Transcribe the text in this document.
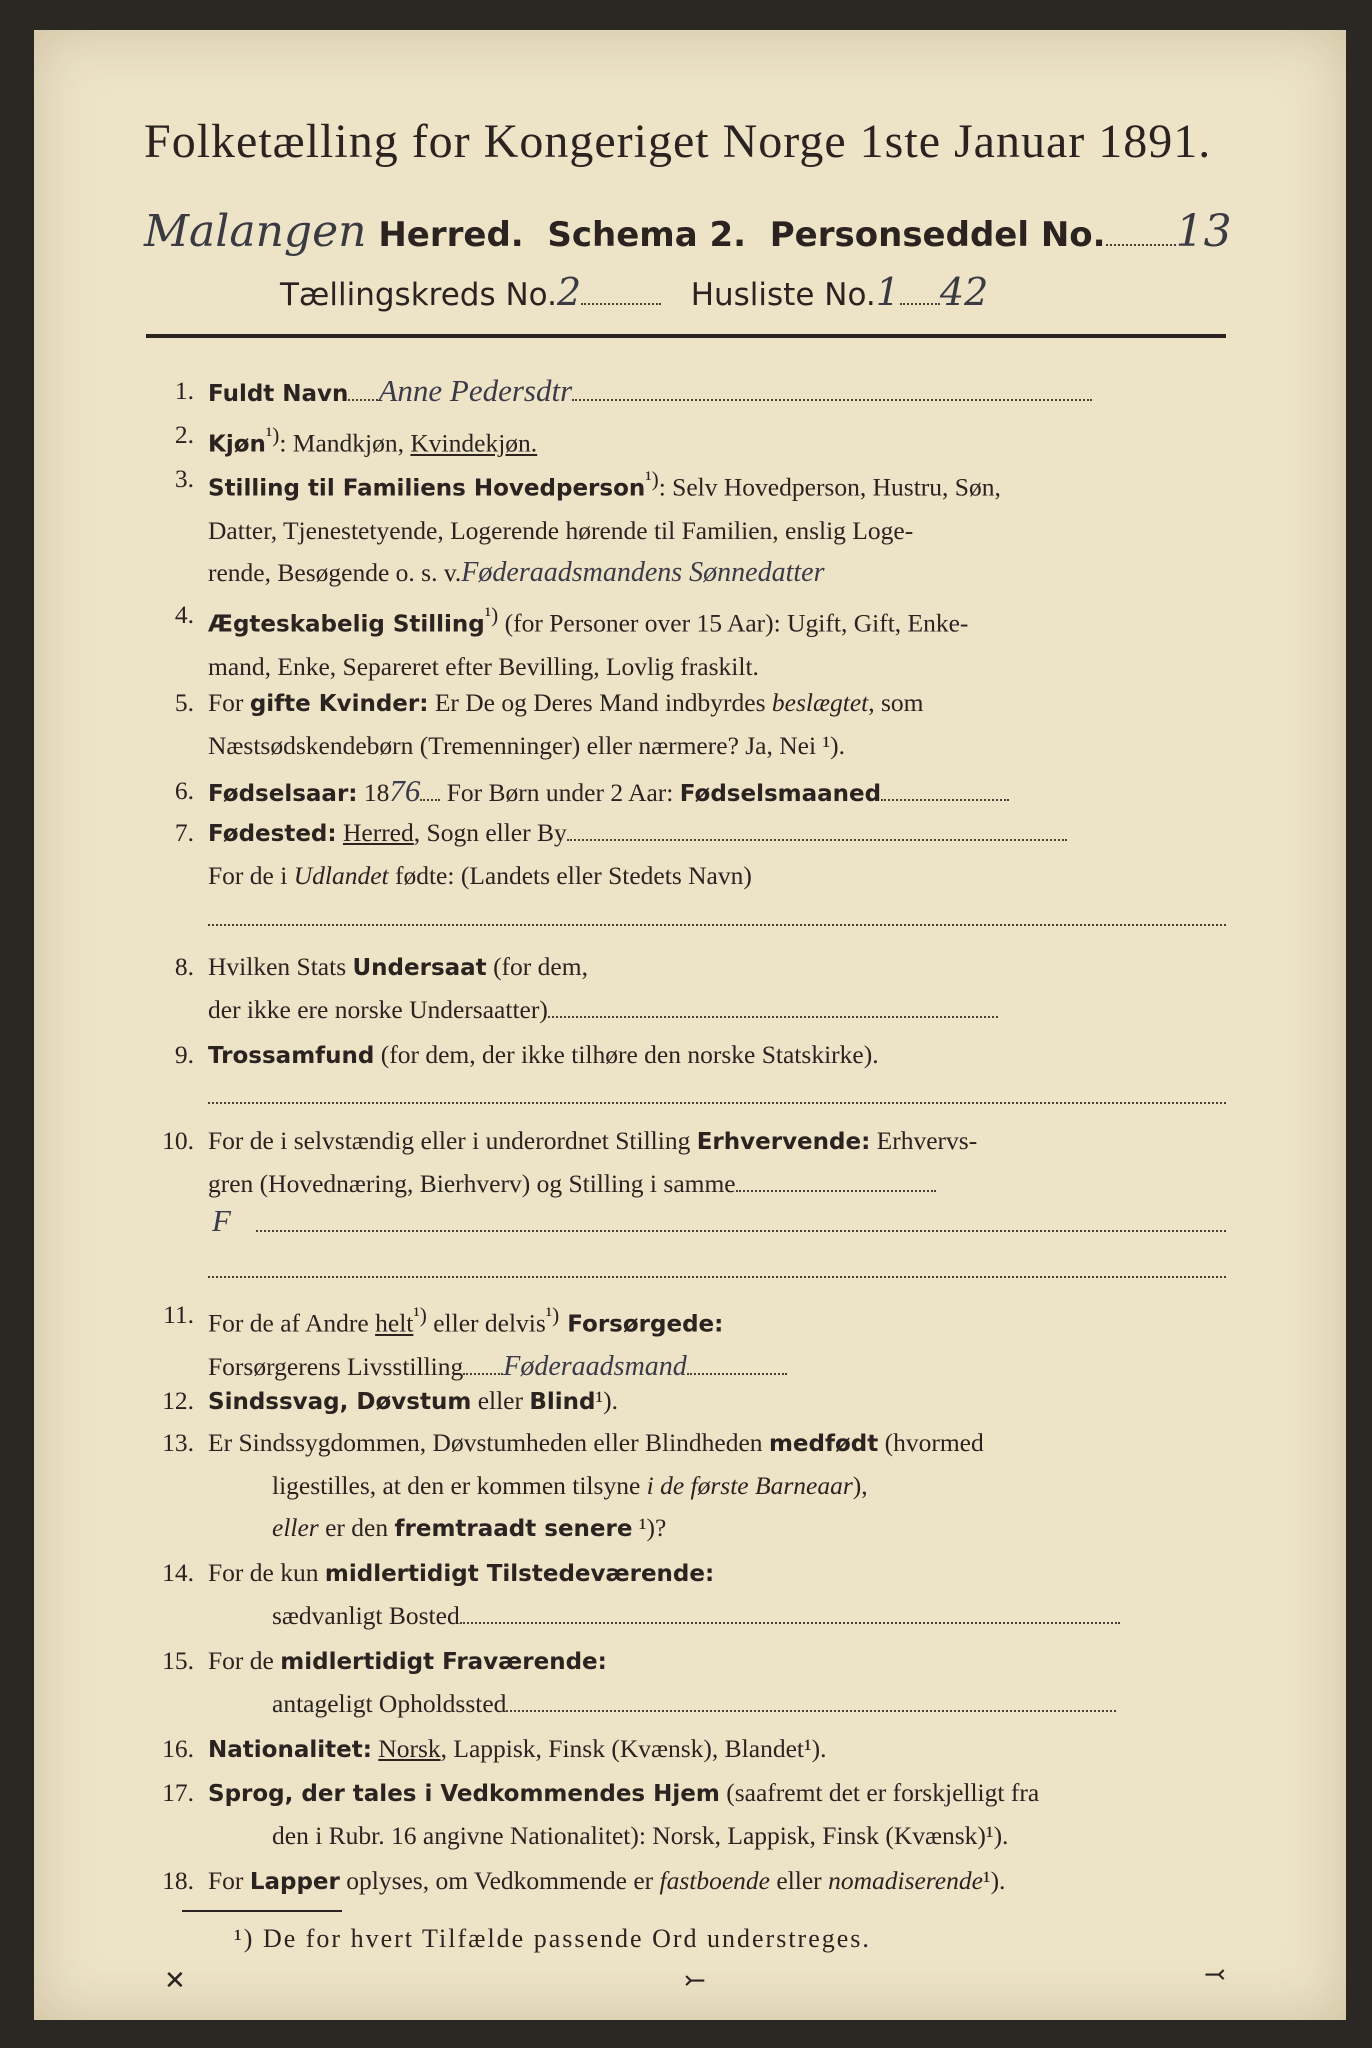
Folketælling for Kongeriget Norge 1ste Januar 1891.
Malangen Herred. Schema 2. Personseddel No. 13
Tællingskreds No.2	Husliste No.1 42
1. Fuldt Navn Anne Pedersdtr
2. Kjøn$^{^1)}$: Mandkjøn, Kvindekjøn.
3. Stilling til Familiens Hovedperson$^{^1)}$: Selv Hovedperson, Hustru, Søn,
Datter, Tjenestetyende, Logerende hørende til Familien, enslig Loge-
rende, Besøgende o. s. v.Føderaadsmandens Sønnedatter
4. Ægteskabelig Stilling$^{^1)}$ (for Personer over 15 Aar): Ugift, Gift, Enke-
mand, Enke, Separeret efter Bevilling, Lovlig fraskilt.
5. For gifte Kvinder: Er De og Deres Mand indbyrdes beslægtet, som
Næstsødskendebørn (Tremenninger) eller nærmere? Ja, Nei ¹).
6. Fødselsaar: 1876 For Børn under 2 Aar: Fødselsmaaned
7. Fødested: Herred, Sogn eller By
For de i Udlandet fødte: (Landets eller Stedets Navn)
8. Hvilken Stats Undersaat (for dem,
der ikke ere norske Undersaatter)
9. Trossamfund (for dem, der ikke tilhøre den norske Statskirke).
10. For de i selvstændig eller i underordnet Stilling Erhvervende: Erhvervs-
gren (Hovednæring, Bierhverv) og Stilling i samme
F
11. For de af Andre helt$^{^1)}$ eller delvis$^{^1)}$ Forsørgede:
Forsørgerens Livsstilling Føderaadsmand
12. Sindssvag, Døvstum eller Blind¹).
13. Er Sindssygdommen, Døvstumheden eller Blindheden medfødt (hvormed
ligestilles, at den er kommen tilsyne i de første Barneaar),
eller er den fremtraadt senere ¹)?
14. For de kun midlertidigt Tilstedeværende:
sædvanligt Bosted
15. For de midlertidigt Fraværende:
antageligt Opholdssted
16. Nationalitet: Norsk, Lappisk, Finsk (Kvænsk), Blandet¹).
17. Sprog, der tales i Vedkommendes Hjem (saafremt det er forskjelligt fra
den i Rubr. 16 angivne Nationalitet): Norsk, Lappisk, Finsk (Kvænsk)¹).
18. For Lapper oplyses, om Vedkommende er fastboende eller nomadiserende¹).
¹) De for hvert Tilfælde passende Ord understreges.
✕	⤚	⤙
